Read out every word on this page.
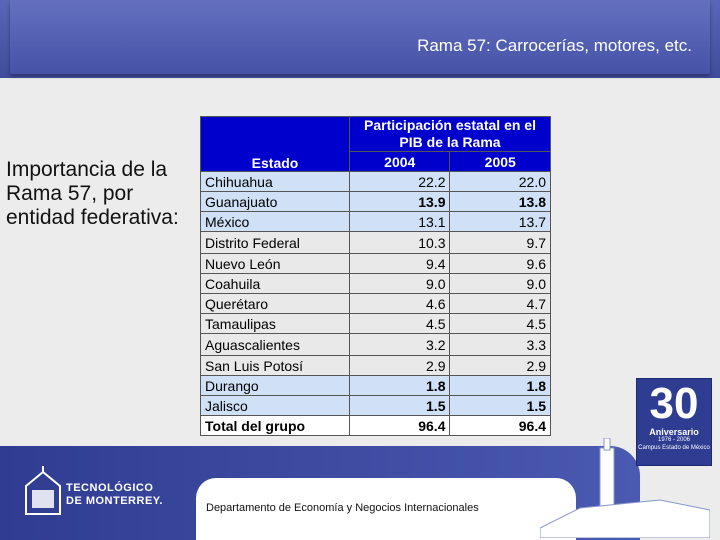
Rama 57: Carrocerías, motores, etc.
Importancia de la Rama 57, por entidad federativa:
Estado	Participación estatal en el PIB de la Rama	
	2004	2005
Chihuahua	22.2	22.0
Guanajuato	13.9	13.8
México	13.1	13.7
Distrito Federal	10.3	9.7
Nuevo León	9.4	9.6
Coahuila	9.0	9.0
Querétaro	4.6	4.7
Tamaulipas	4.5	4.5
Aguascalientes	3.2	3.3
San Luis Potosí	2.9	2.9
Durango	1.8	1.8
Jalisco	1.5	1.5
Total del grupo	96.4	96.4
TECNOLÓGICO
DE MONTERREY.
Departamento de Economía y Negocios Internacionales
30
Aniversario
1976 - 2006
Campus Estado de México
